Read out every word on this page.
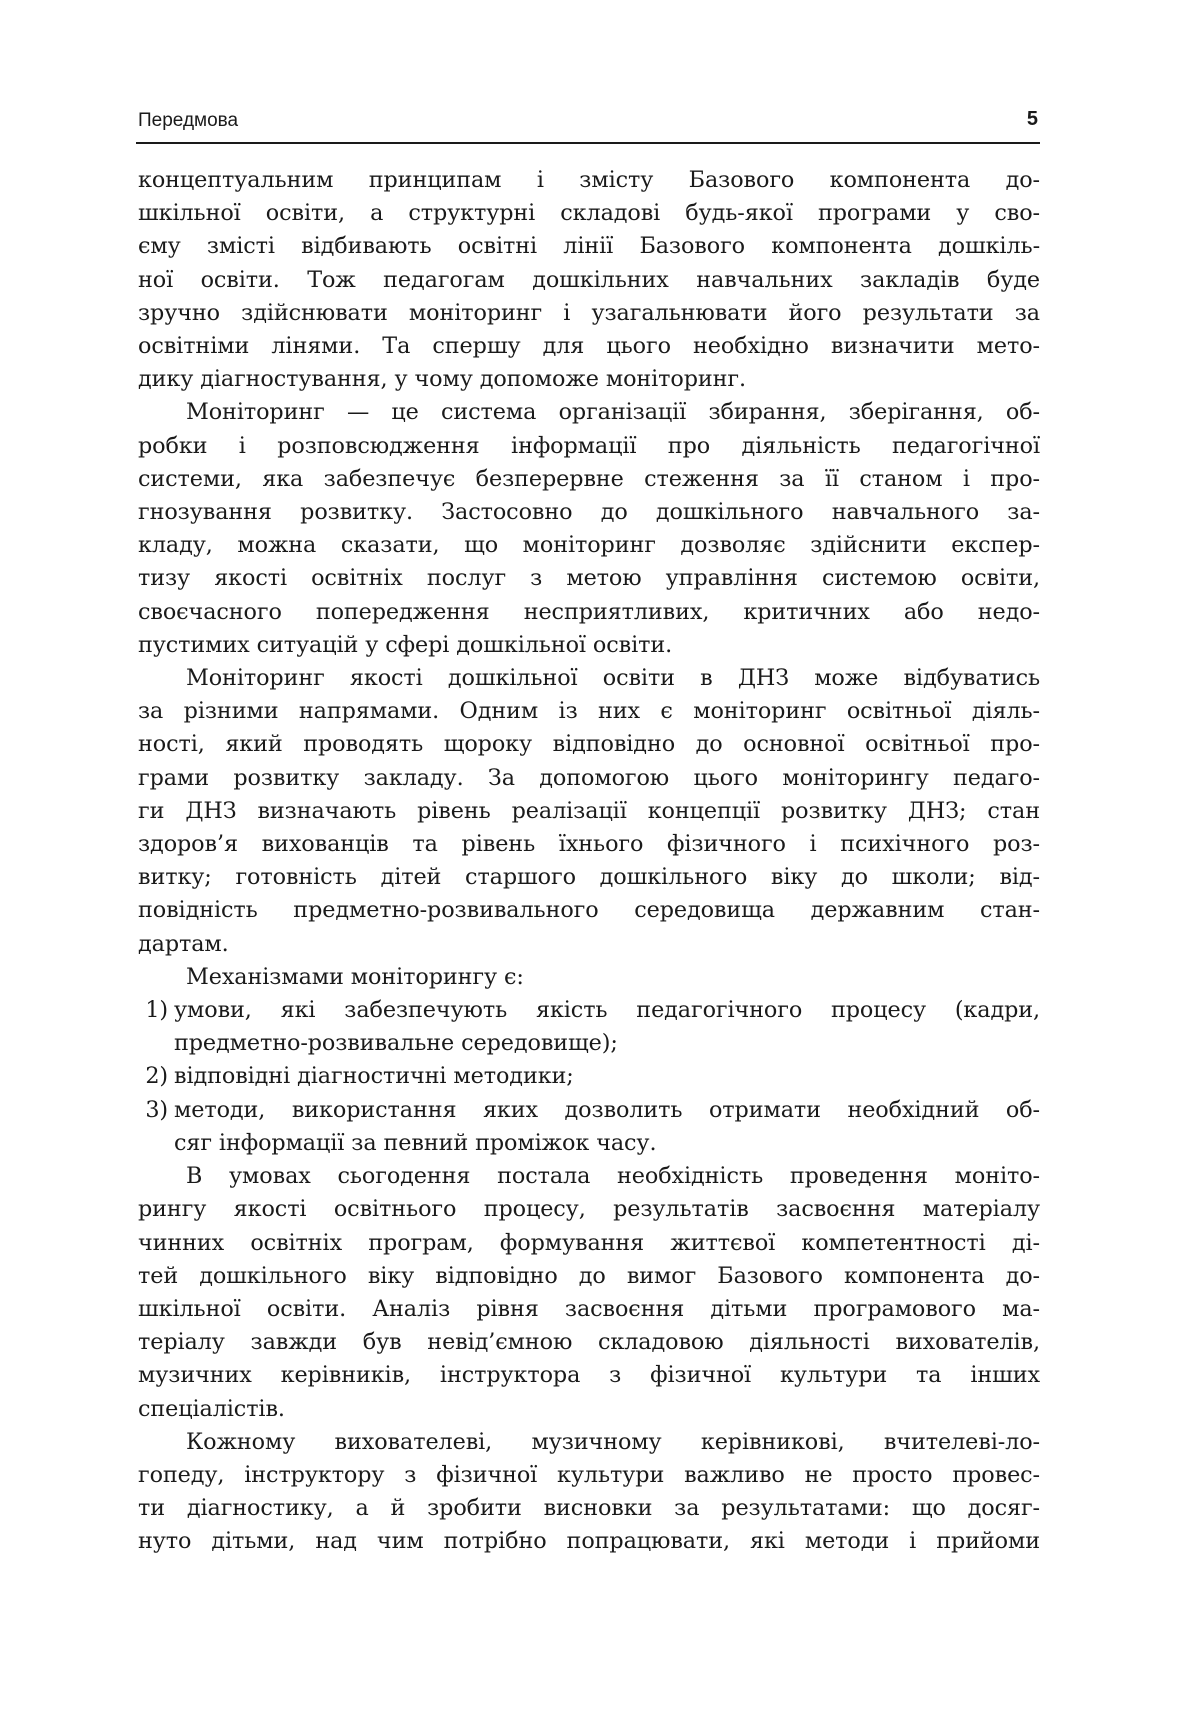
Передмова	5

концептуальним принципам і змісту Базового компонента до-

шкільної освіти, а структурні складові будь-якої програми у сво-

єму змісті відбивають освітні лінії Базового компонента дошкіль-

ної освіти. Тож педагогам дошкільних навчальних закладів буде

зручно здійснювати моніторинг і узагальнювати його результати за

освітніми лінями. Та спершу для цього необхідно визначити мето-

дику діагностування, у чому допоможе моніторинг.

Моніторинг — це система організації збирання, зберігання, об-

робки і розповсюдження інформації про діяльність педагогічної

системи, яка забезпечує безперервне стеження за її станом і про-

гнозування розвитку. Застосовно до дошкільного навчального за-

кладу, можна сказати, що моніторинг дозволяє здійснити експер-

тизу якості освітніх послуг з метою управління системою освіти,

своєчасного попередження несприятливих, критичних або недо-

пустимих ситуацій у сфері дошкільної освіти.

Моніторинг якості дошкільної освіти в ДНЗ може відбуватись

за різними напрямами. Одним із них є моніторинг освітньої діяль-

ності, який проводять щороку відповідно до основної освітньої про-

грами розвитку закладу. За допомогою цього моніторингу педаго-

ги ДНЗ визначають рівень реалізації концепції розвитку ДНЗ; стан

здоров’я вихованців та рівень їхнього фізичного і психічного роз-

витку; готовність дітей старшого дошкільного віку до школи; від-

повідність предметно-розвивального середовища державним стан-

дартам.

Механізмами моніторингу є:

1) умови, які забезпечують якість педагогічного процесу (кадри,

предметно-розвивальне середовище);

2) відповідні діагностичні методики;

3) методи, використання яких дозволить отримати необхідний об-

сяг інформації за певний проміжок часу.

В умовах сьогодення постала необхідність проведення моніто-

рингу якості освітнього процесу, результатів засвоєння матеріалу

чинних освітніх програм, формування життєвої компетентності ді-

тей дошкільного віку відповідно до вимог Базового компонента до-

шкільної освіти. Аналіз рівня засвоєння дітьми програмового ма-

теріалу завжди був невід’ємною складовою діяльності вихователів,

музичних керівників, інструктора з фізичної культури та інших

спеціалістів.

Кожному вихователеві, музичному керівникові, вчителеві-ло-

гопеду, інструктору з фізичної культури важливо не просто провес-

ти діагностику, а й зробити висновки за результатами: що досяг-

нуто дітьми, над чим потрібно попрацювати, які методи і прийоми
